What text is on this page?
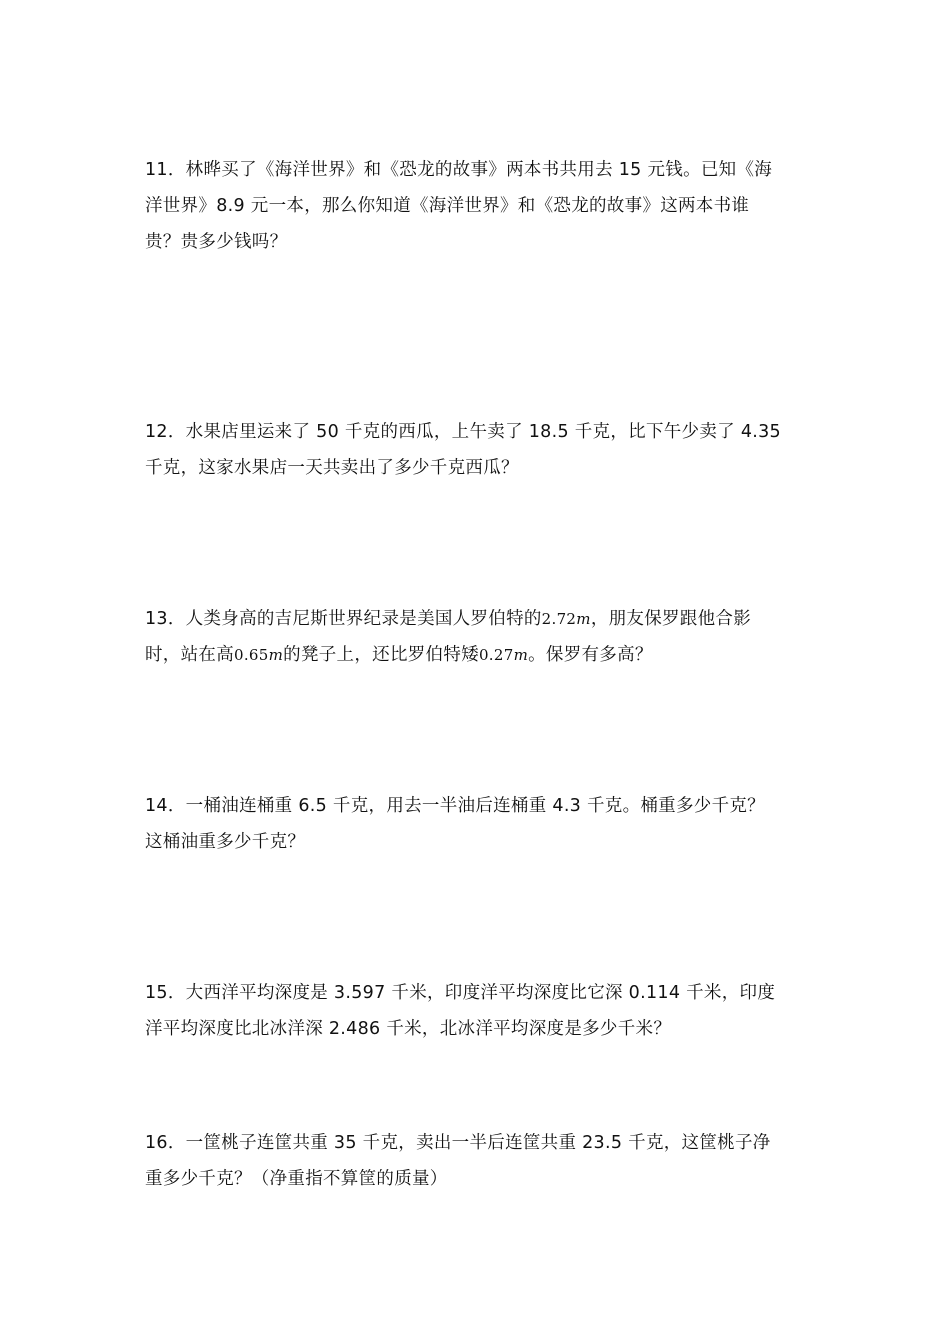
11．林晔买了《海洋世界》和《恐龙的故事》两本书共用去 15 元钱。已知《海
洋世界》8.9 元一本，那么你知道《海洋世界》和《恐龙的故事》这两本书谁
贵？贵多少钱吗？
12．水果店里运来了 50 千克的西瓜，上午卖了 18.5 千克，比下午少卖了 4.35
千克，这家水果店一天共卖出了多少千克西瓜？
13．人类身高的吉尼斯世界纪录是美国人罗伯特的2.72m，朋友保罗跟他合影
时，站在高0.65m的凳子上，还比罗伯特矮0.27m。保罗有多高？
14．一桶油连桶重 6.5 千克，用去一半油后连桶重 4.3 千克。桶重多少千克？
这桶油重多少千克？
15．大西洋平均深度是 3.597 千米，印度洋平均深度比它深 0.114 千米，印度
洋平均深度比北冰洋深 2.486 千米，北冰洋平均深度是多少千米？
16．一筐桃子连筐共重 35 千克，卖出一半后连筐共重 23.5 千克，这筐桃子净
重多少千克？（净重指不算筐的质量）
